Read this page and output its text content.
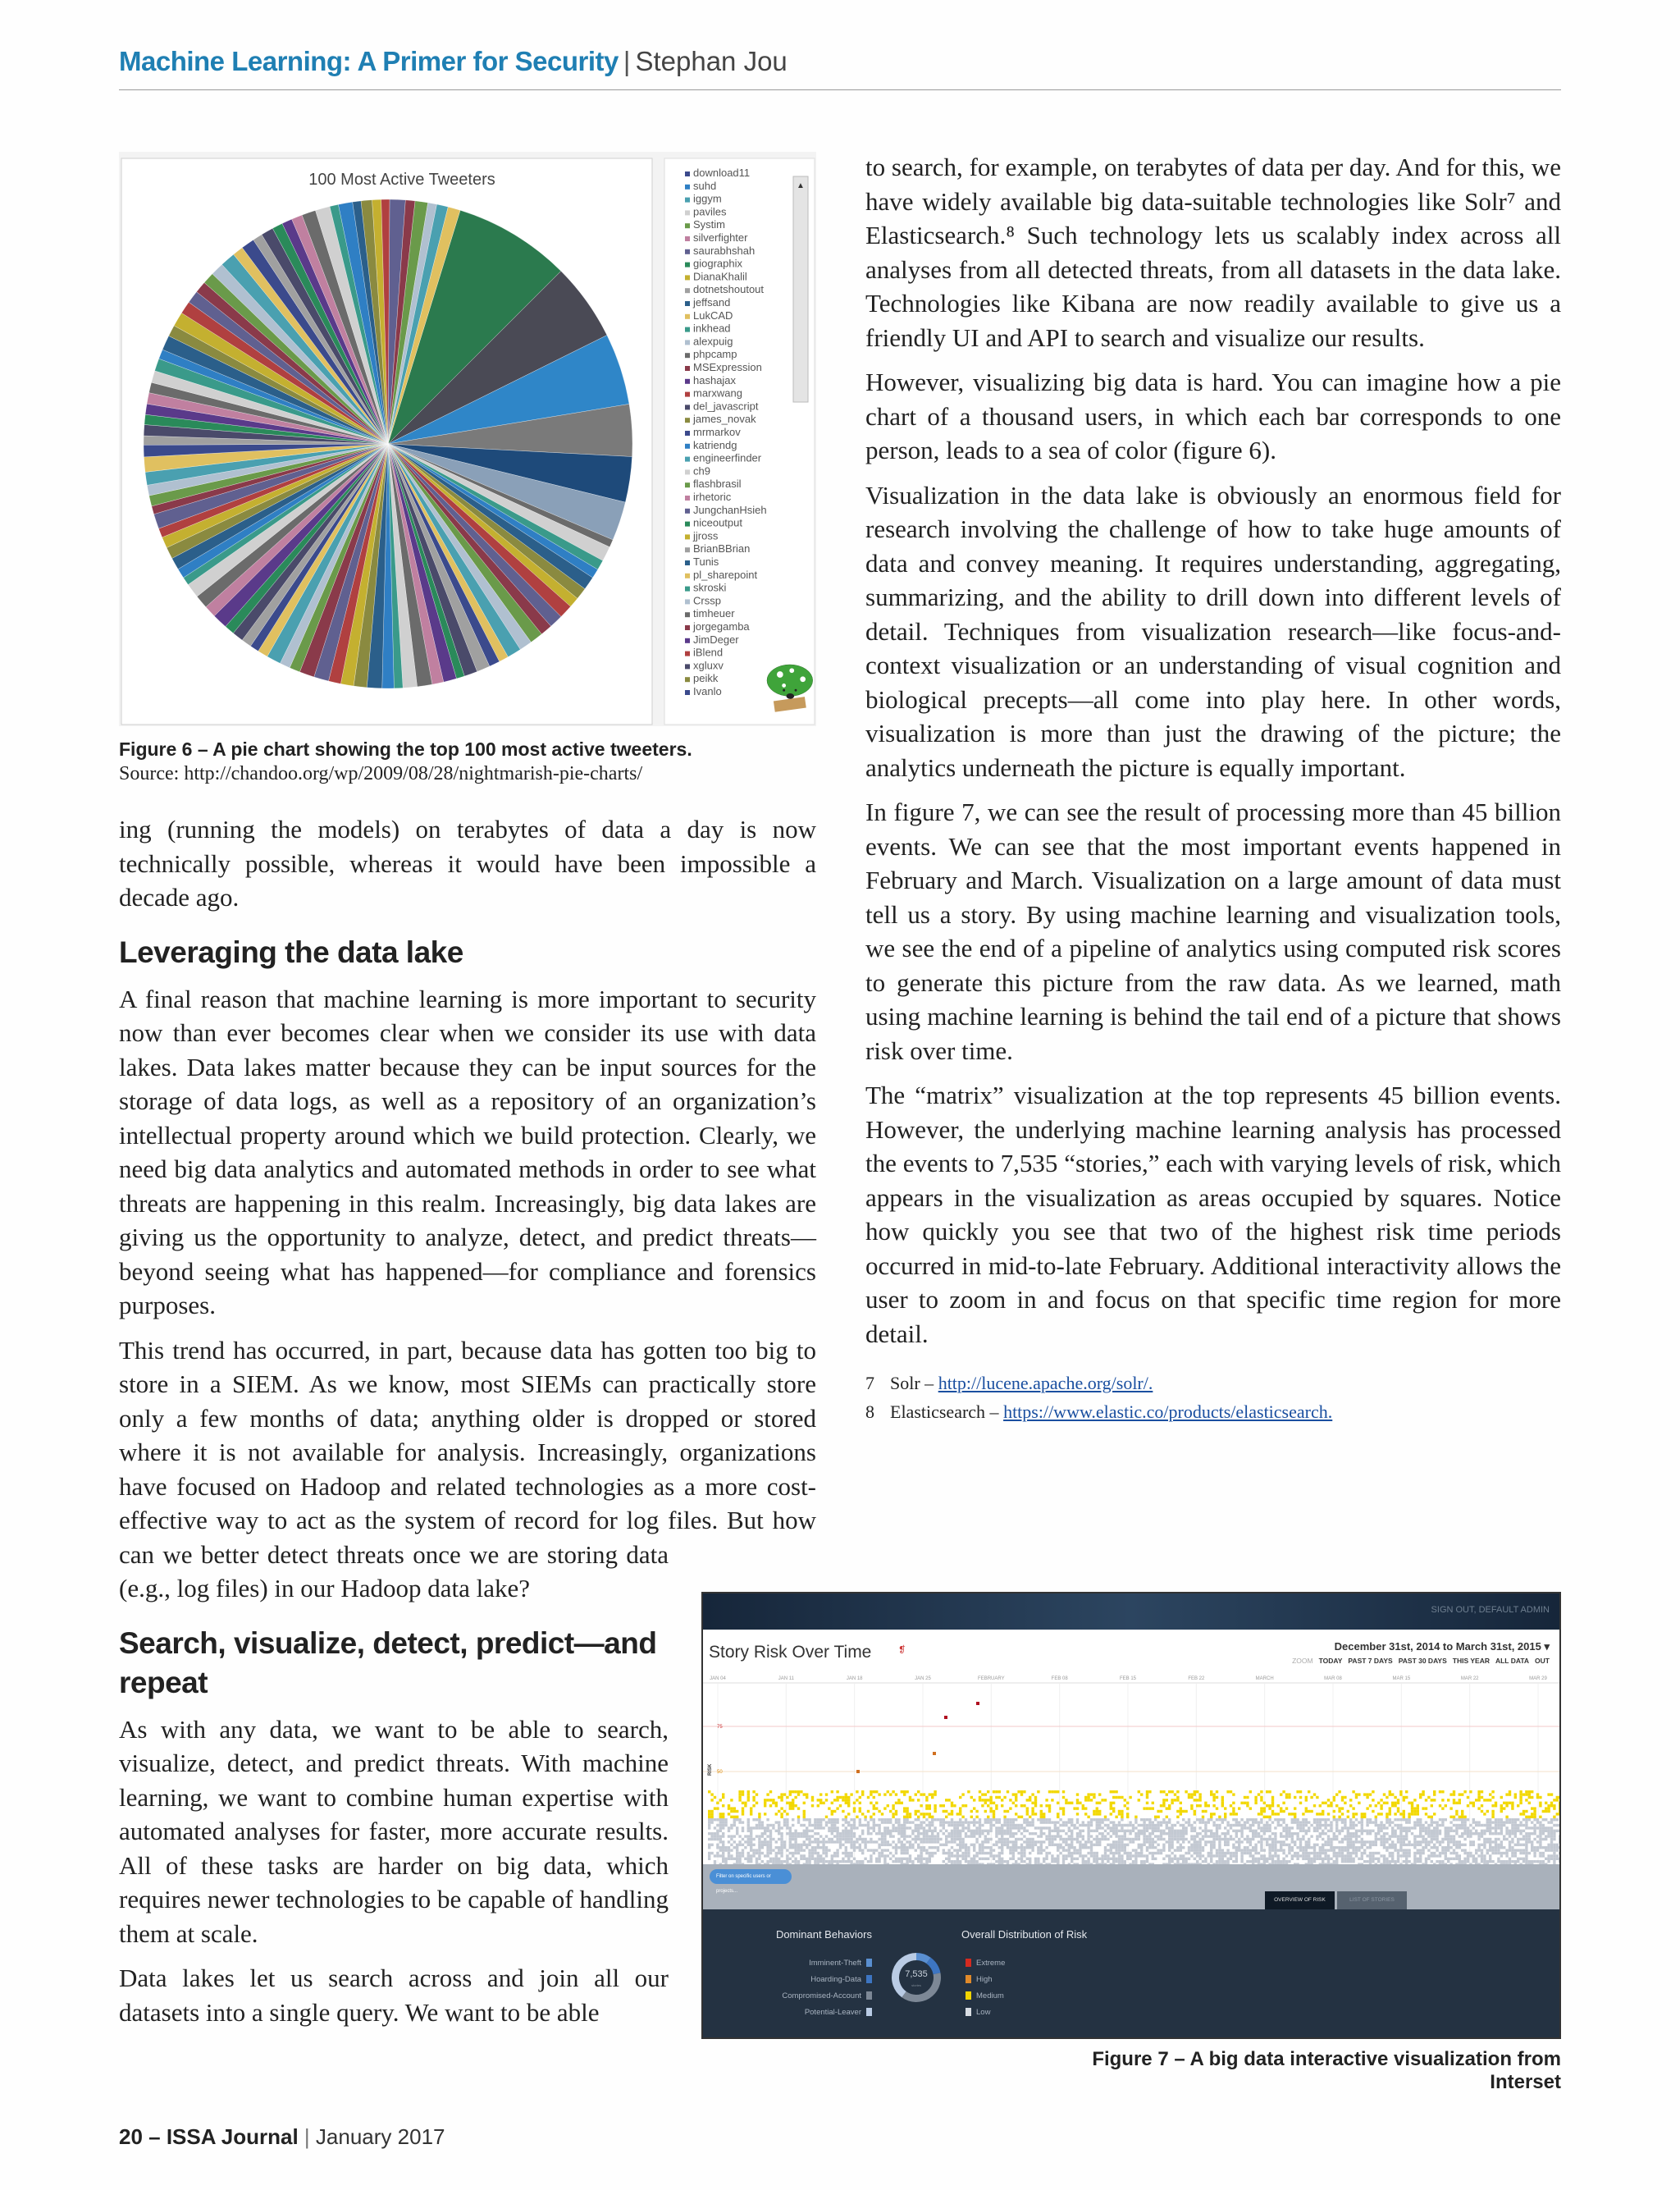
Machine Learning: A Primer for Security | Stephan Jou
100 Most Active Tweeters	▲
download11
suhd
iggym
paviles
Systim
silverfighter
saurabhshah
giographix
DianaKhalil
dotnetshoutout
jeffsand
LukCAD
inkhead
alexpuig
phpcamp
MSExpression
hashajax
marxwang
del_javascript
james_novak
mrmarkov
katriendg
engineerfinder
ch9
flashbrasil
irhetoric
JungchanHsieh
niceoutput
jjross
BrianBBrian
Tunis
pl_sharepoint
skroski
Crssp
timheuer
jorgegamba
JimDeger
iBlend
xgluxv
peikk
Ivanlo
Figure 6 – A pie chart showing the top 100 most active tweeters.
Source: http://chandoo.org/wp/2009/08/28/nightmarish-pie-charts/

ing (running the models) on terabytes of data a day is now technically possible, whereas it would have been impossible a decade ago.

Leveraging the data lake

A final reason that machine learning is more important to security now than ever becomes clear when we consider its use with data lakes. Data lakes matter because they can be input sources for the storage of data logs, as well as a repository of an organization’s intellectual property around which we build protection. Clearly, we need big data analytics and automated methods in order to see what threats are happening in this realm. Increasingly, big data lakes are giving us the opportunity to analyze, detect, and predict threats—beyond seeing what has happened—for compliance and forensics purposes.

This trend has occurred, in part, because data has gotten too big to store in a SIEM. As we know, most SIEMs can practically store only a few months of data; anything older is dropped or stored where it is not available for analysis. Increasingly, organizations have focused on Hadoop and related technologies as a more cost-effective way to act as the system of record for log files. But how can we better detect threats once we are storing data (e.g., log files) in our Hadoop data lake?

Search, visualize, detect, predict—and repeat

As with any data, we want to be able to search, visualize, detect, and predict threats. With machine learning, we want to combine human expertise with automated analyses for faster, more accurate results. All of these tasks are harder on big data, which requires newer technologies to be capable of handling them at scale.

Data lakes let us search across and join all our datasets into a single query. We want to be able

to search, for example, on terabytes of data per day. And for this, we have widely available big data-suitable technologies like Solr⁷ and Elasticsearch.⁸ Such technology lets us scalably index across all analyses from all detected threats, from all datasets in the data lake. Technologies like Kibana are now readily available to give us a friendly UI and API to search and visualize our results.

However, visualizing big data is hard. You can imagine how a pie chart of a thousand users, in which each bar corresponds to one person, leads to a sea of color (figure 6).

Visualization in the data lake is obviously an enormous field for research involving the challenge of how to take huge amounts of data and convey meaning. It requires understanding, aggregating, summarizing, and the ability to drill down into different levels of detail. Techniques from visualization research—like focus-and-context visualization or an understanding of visual cognition and biological precepts—all come into play here. In other words, visualization is more than just the drawing of the picture; the analytics underneath the picture is equally important.

In figure 7, we can see the result of processing more than 45 billion events. We can see that the most important events happened in February and March. Visualization on a large amount of data must tell us a story. By using machine learning and visualization tools, we see the end of a pipeline of analytics using computed risk scores to generate this picture from the raw data. As we learned, math using machine learning is behind the tail end of a picture that shows risk over time.

The “matrix” visualization at the top represents 45 billion events. However, the underlying machine learning analysis has processed the events to 7,535 “stories,” each with varying levels of risk, which appears in the visualization as areas occupied by squares. Notice how quickly you see that two of the highest risk time periods occurred in mid-to-late February. Additional interactivity allows the user to zoom in and focus on that specific time region for more detail.

7 Solr – http://lucene.apache.org/solr/.
8 Elasticsearch – https://www.elastic.co/products/elasticsearch.
SIGN OUT, DEFAULT ADMIN
Story Risk Over Time	❡	December 31st, 2014 to March 31st, 2015 ▾
ZOOM TODAY PAST 7 DAYS PAST 30 DAYS THIS YEAR ALL DATA OUT
JAN 04	JAN 11	JAN 18	JAN 25	FEBRUARY	FEB 08	FEB 15	FEB 22	MARCH	MAR 08	MAR 15	MAR 22	MAR 29
75
50
RISK
Filter on specific users or projects...
OVERVIEW OF RISK	LIST OF STORIES
Dominant Behaviors
Imminent-Theft
Hoarding-Data
Compromised-Account
Potential-Leaver
7,535
stories
Overall Distribution of Risk
Extreme
High
Medium
Low
Figure 7 – A big data interactive visualization from Interset
20 – ISSA Journal | January 2017
